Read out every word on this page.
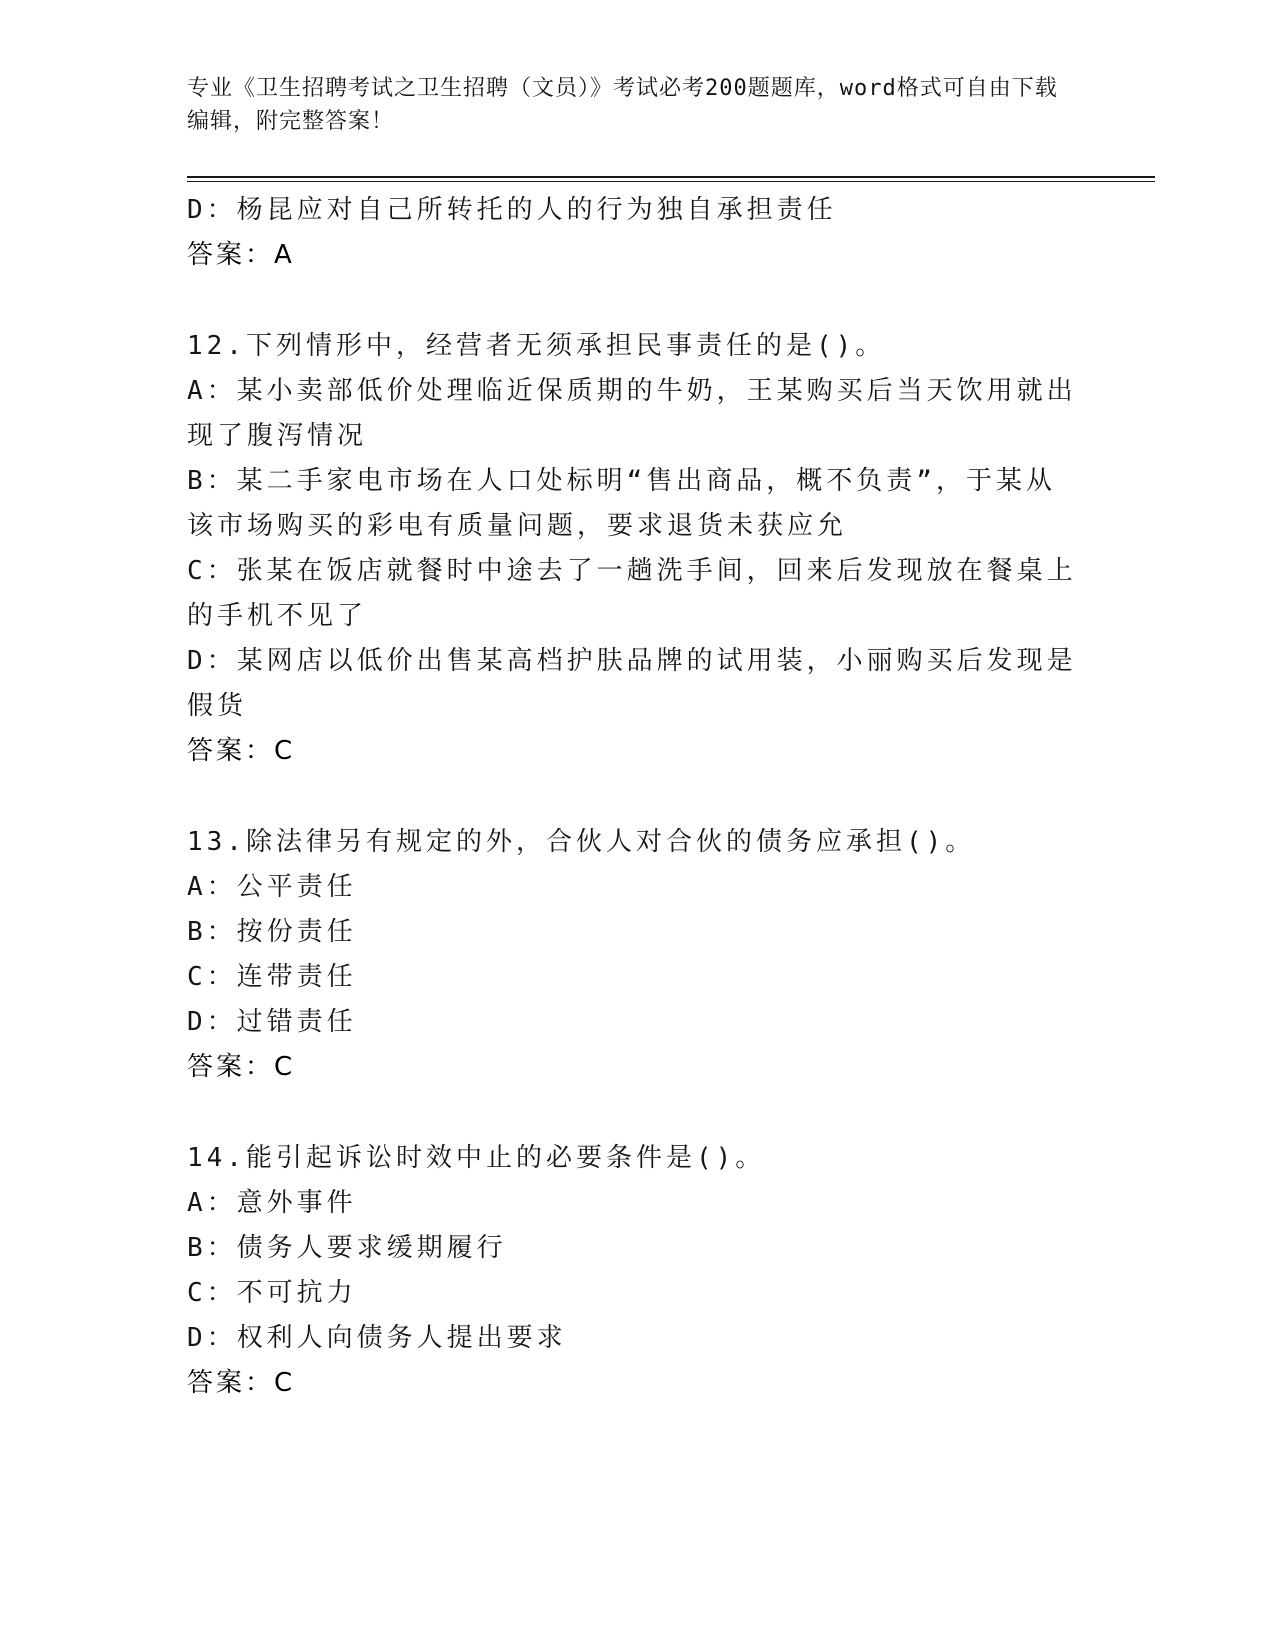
专业《卫生招聘考试之卫生招聘（文员）》考试必考200题题库，word格式可自由下载编辑，附完整答案！
D：杨昆应对自己所转托的人的行为独自承担责任
答案：A
12.下列情形中，经营者无须承担民事责任的是()。
A：某小卖部低价处理临近保质期的牛奶，王某购买后当天饮用就出现了腹泻情况
B：某二手家电市场在人口处标明“售出商品，概不负责”，于某从该市场购买的彩电有质量问题，要求退货未获应允
C：张某在饭店就餐时中途去了一趟洗手间，回来后发现放在餐桌上的手机不见了
D：某网店以低价出售某高档护肤品牌的试用装，小丽购买后发现是假货
答案：C
13.除法律另有规定的外，合伙人对合伙的债务应承担()。
A：公平责任
B：按份责任
C：连带责任
D：过错责任
答案：C
14.能引起诉讼时效中止的必要条件是()。
A：意外事件
B：债务人要求缓期履行
C：不可抗力
D：权利人向债务人提出要求
答案：C
